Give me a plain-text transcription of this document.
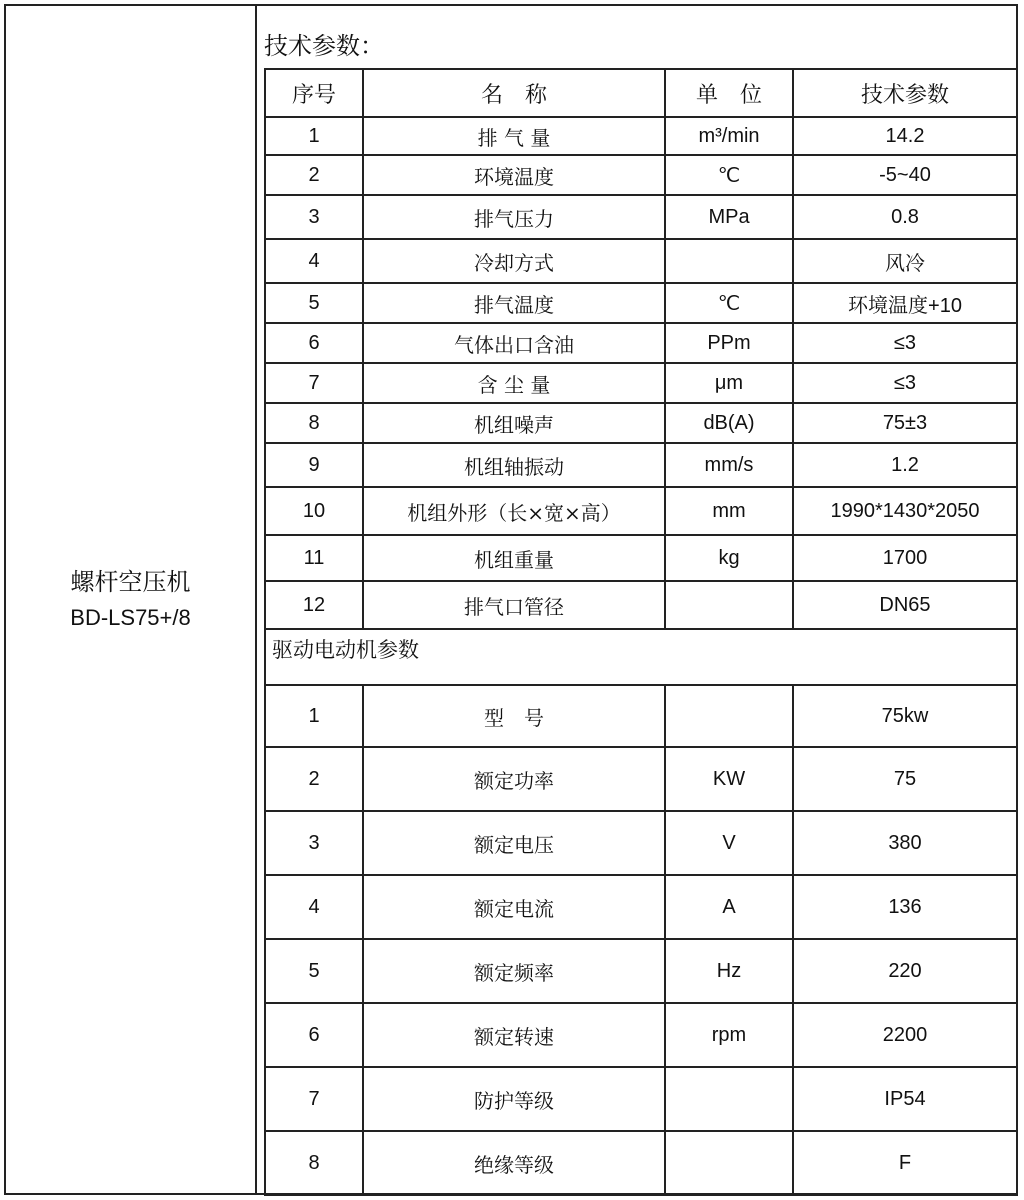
螺杆空压机
BD-LS75+/8
技术参数：
序号	名　称	单　位	技术参数
1	排 气 量	m³/min	14.2
2	环境温度	℃	-5~40
3	排气压力	MPa	0.8
4	冷却方式		风冷
5	排气温度	℃	环境温度+10
6	气体出口含油	PPm	≤3
7	含 尘 量	μm	≤3
8	机组噪声	dB(A)	75±3
9	机组轴振动	mm/s	1.2
10	机组外形（长×宽×高）	mm	1990*1430*2050
11	机组重量	kg	1700
12	排气口管径		DN65
驱动电动机参数			
1	型　号		75kw
2	额定功率	KW	75
3	额定电压	V	380
4	额定电流	A	136
5	额定频率	Hz	220
6	额定转速	rpm	2200
7	防护等级		IP54
8	绝缘等级		F
